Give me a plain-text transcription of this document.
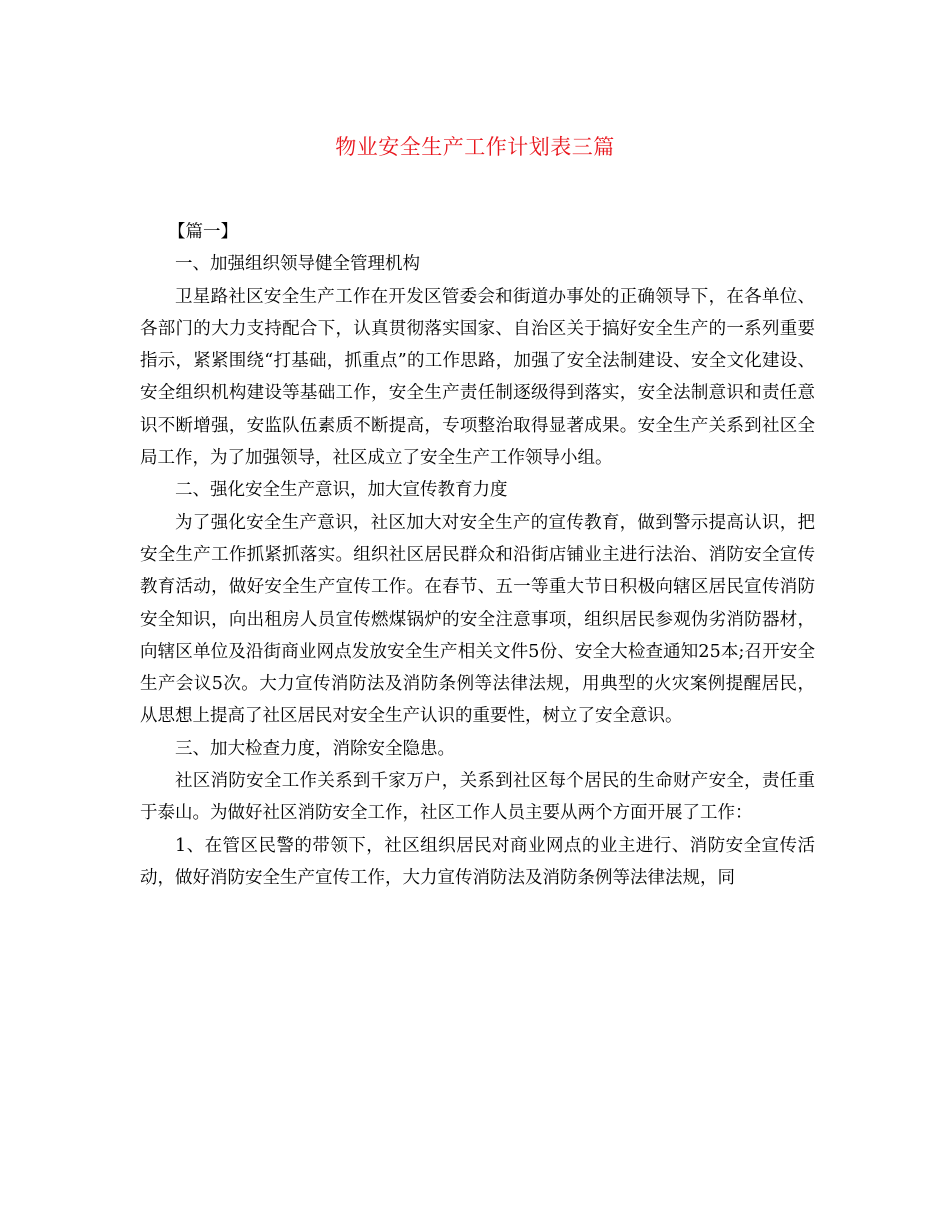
物业安全生产工作计划表三篇

【篇一】

一、加强组织领导健全管理机构

卫星路社区安全生产工作在开发区管委会和街道办事处的正确领导下，在各单位、各部门的大力支持配合下，认真贯彻落实国家、自治区关于搞好安全生产的一系列重要指示，紧紧围绕“打基础，抓重点”的工作思路，加强了安全法制建设、安全文化建设、安全组织机构建设等基础工作，安全生产责任制逐级得到落实，安全法制意识和责任意识不断增强，安监队伍素质不断提高，专项整治取得显著成果。安全生产关系到社区全局工作，为了加强领导，社区成立了安全生产工作领导小组。

二、强化安全生产意识，加大宣传教育力度

为了强化安全生产意识，社区加大对安全生产的宣传教育，做到警示提高认识，把安全生产工作抓紧抓落实。组织社区居民群众和沿街店铺业主进行法治、消防安全宣传教育活动，做好安全生产宣传工作。在春节、五一等重大节日积极向辖区居民宣传消防安全知识，向出租房人员宣传燃煤锅炉的安全注意事项，组织居民参观伪劣消防器材，向辖区单位及沿街商业网点发放安全生产相关文件5份、安全大检查通知25本;召开安全生产会议5次。大力宣传消防法及消防条例等法律法规，用典型的火灾案例提醒居民，从思想上提高了社区居民对安全生产认识的重要性，树立了安全意识。

三、加大检查力度，消除安全隐患。

社区消防安全工作关系到千家万户，关系到社区每个居民的生命财产安全，责任重于泰山。为做好社区消防安全工作，社区工作人员主要从两个方面开展了工作：

1、在管区民警的带领下，社区组织居民对商业网点的业主进行、消防安全宣传活动，做好消防安全生产宣传工作，大力宣传消防法及消防条例等法律法规，同
